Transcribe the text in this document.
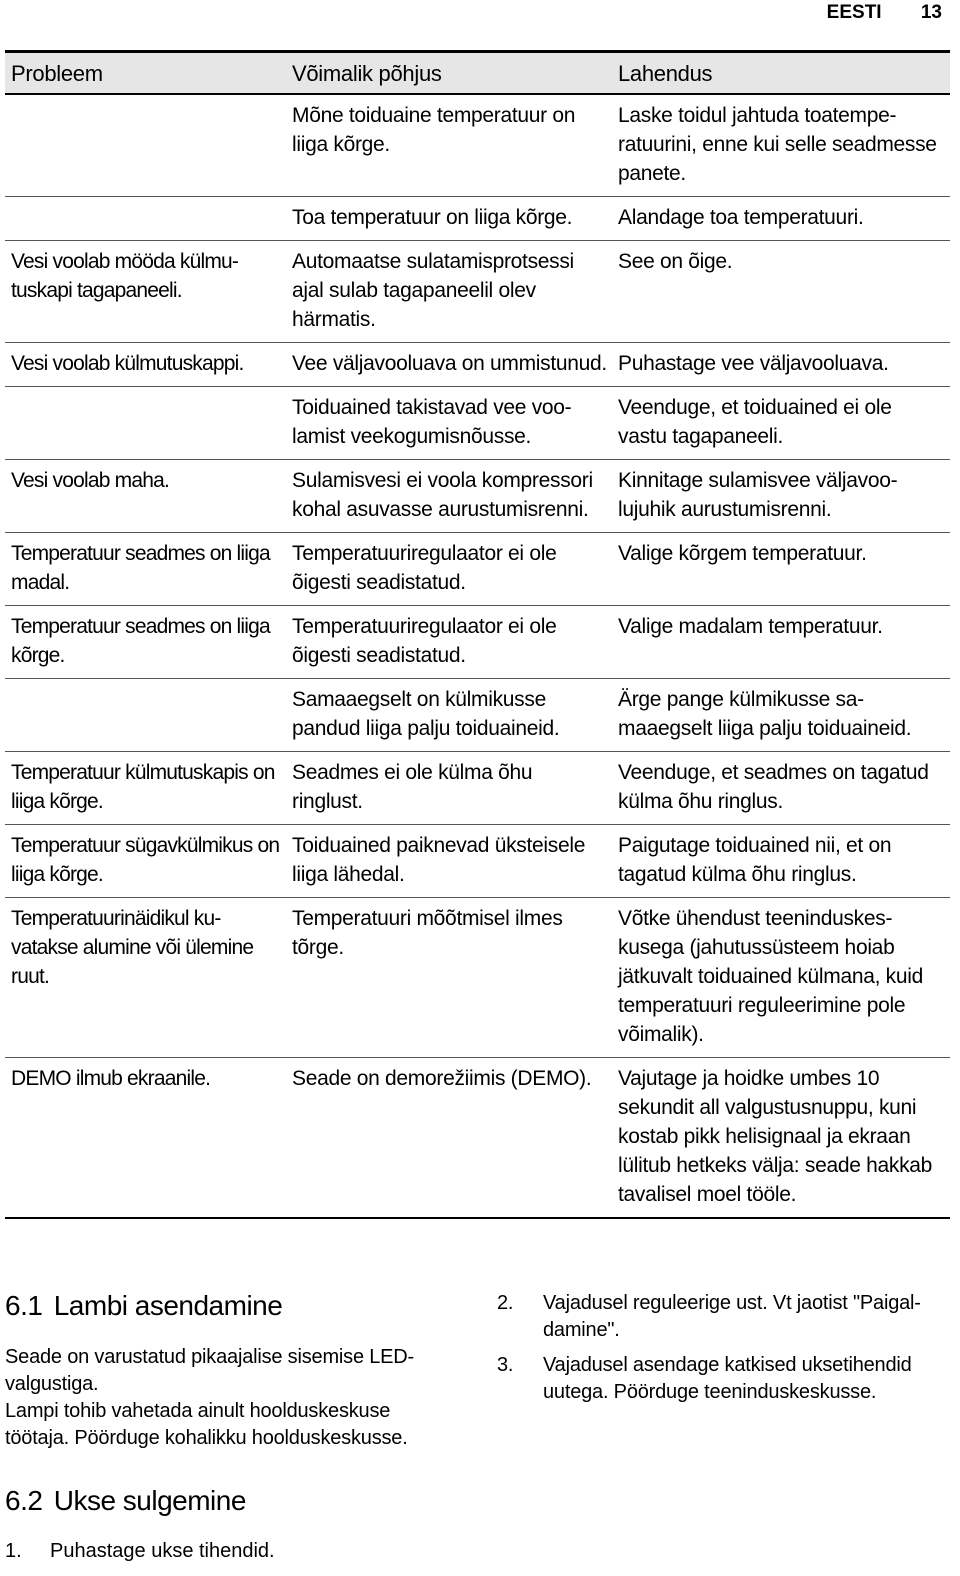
EESTI 13
Probleem	Võimalik põhjus	Lahendus
	Mõne toiduaine temperatuur on liiga kõrge.	Laske toidul jahtuda toatemperatuurini, enne kui selle seadmesse panete.
	Toa temperatuur on liiga kõrge.	Alandage toa temperatuuri.
Vesi voolab mööda külmutuskapi tagapaneeli.	Automaatse sulatamisprotsessi ajal sulab tagapaneelil olev härmatis.	See on õige.
Vesi voolab külmutuskappi.	Vee väljavooluava on ummistunud.	Puhastage vee väljavooluava.
	Toiduained takistavad vee voolamist veekogumisnõusse.	Veenduge, et toiduained ei ole vastu tagapaneeli.
Vesi voolab maha.	Sulamisvesi ei voola kompressori kohal asuvasse aurustumisrenni.	Kinnitage sulamisvee väljavoolujuhik aurustumisrenni.
Temperatuur seadmes on liiga madal.	Temperatuuriregulaator ei ole õigesti seadistatud.	Valige kõrgem temperatuur.
Temperatuur seadmes on liiga kõrge.	Temperatuuriregulaator ei ole õigesti seadistatud.	Valige madalam temperatuur.
	Samaaegselt on külmikusse pandud liiga palju toiduaineid.	Ärge pange külmikusse samaaegselt liiga palju toiduaineid.
Temperatuur külmutuskapis on liiga kõrge.	Seadmes ei ole külma õhu ringlust.	Veenduge, et seadmes on tagatud külma õhu ringlus.
Temperatuur sügavkülmikus on liiga kõrge.	Toiduained paiknevad üksteisele liiga lähedal.	Paigutage toiduained nii, et on tagatud külma õhu ringlus.
Temperatuurinäidikul kuvatakse alumine või ülemine ruut.	Temperatuuri mõõtmisel ilmes tõrge.	Võtke ühendust teeninduskeskusega (jahutussüsteem hoiab jätkuvalt toiduained külmana, kuid temperatuuri reguleerimine pole võimalik).
DEMO ilmub ekraanile.	Seade on demorežiimis (DEMO).	Vajutage ja hoidke umbes 10 sekundit all valgustusnuppu, kuni kostab pikk helisignaal ja ekraan lülitub hetkeks välja: seade hakkab tavalisel moel tööle.
6.1 Lambi asendamine
Seade on varustatud pikaajalise sisemise LED-valgustiga.
Lampi tohib vahetada ainult hoolduskeskuse töötaja. Pöörduge kohalikku hoolduskeskusse.
6.2 Ukse sulgemine
1.	Puhastage ukse tihendid.
2.	Vajadusel reguleerige ust. Vt jaotist "Paigaldamine".
3.	Vajadusel asendage katkised uksetihendid uutega. Pöörduge teeninduskeskusse.
